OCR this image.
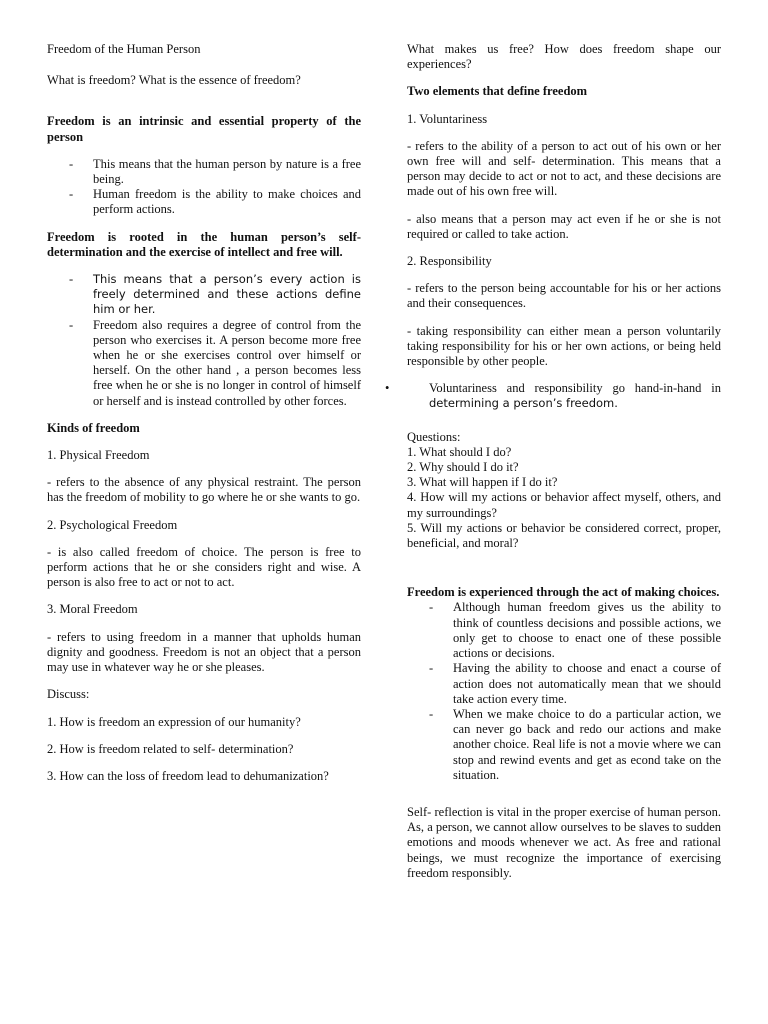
Freedom of the Human Person

What is freedom? What is the essence of freedom?

Freedom is an intrinsic and essential property of the person
- This means that the human person by nature is a free being.
- Human freedom is the ability to make choices and perform actions.
Freedom is rooted in the human person’s self-determination and the exercise of intellect and free will.
- This means that a person’s every action is freely determined and these actions define him or her.
- Freedom also requires a degree of control from the person who exercises it. A person become more free when he or she exercises control over himself or herself. On the other hand , a person becomes less free when he or she is no longer in control of himself or herself and is instead controlled by other forces.
Kinds of freedom

1. Physical Freedom

- refers to the absence of any physical restraint. The person has the freedom of mobility to go where he or she wants to go.

2. Psychological Freedom

- is also called freedom of choice. The person is free to perform actions that he or she considers right and wise. A person is also free to act or not to act.

3. Moral Freedom

- refers to using freedom in a manner that upholds human dignity and goodness. Freedom is not an object that a person may use in whatever way he or she pleases.

Discuss:

1. How is freedom an expression of our humanity?

2. How is freedom related to self- determination?

3. How can the loss of freedom lead to dehumanization?

What makes us free? How does freedom shape our experiences?

Two elements that define freedom

1. Voluntariness

- refers to the ability of a person to act out of his own or her own free will and self- determination. This means that a person may decide to act or not to act, and these decisions are made out of his own free will.

- also means that a person may act even if he or she is not required or called to take action.

2. Responsibility

- refers to the person being accountable for his or her actions and their consequences.

- taking responsibility can either mean a person voluntarily taking responsibility for his or her own actions, or being held responsible by other people.

• Voluntariness and responsibility go hand-in-hand in determining a person’s freedom.
Questions:
1. What should I do?
2. Why should I do it?
3. What will happen if I do it?
4. How will my actions or behavior affect myself, others, and my surroundings?
5. Will my actions or behavior be considered correct, proper, beneficial, and moral?
Freedom is experienced through the act of making choices.
- Although human freedom gives us the ability to think of countless decisions and possible actions, we only get to choose to enact one of these possible actions or decisions.
- Having the ability to choose and enact a course of action does not automatically mean that we should take action every time.
- When we make choice to do a particular action, we can never go back and redo our actions and make another choice. Real life is not a movie where we can stop and rewind events and get as econd take on the situation.

Self- reflection is vital in the proper exercise of human person. As, a person, we cannot allow ourselves to be slaves to sudden emotions and moods whenever we act. As free and rational beings, we must recognize the importance of exercising freedom responsibly.
